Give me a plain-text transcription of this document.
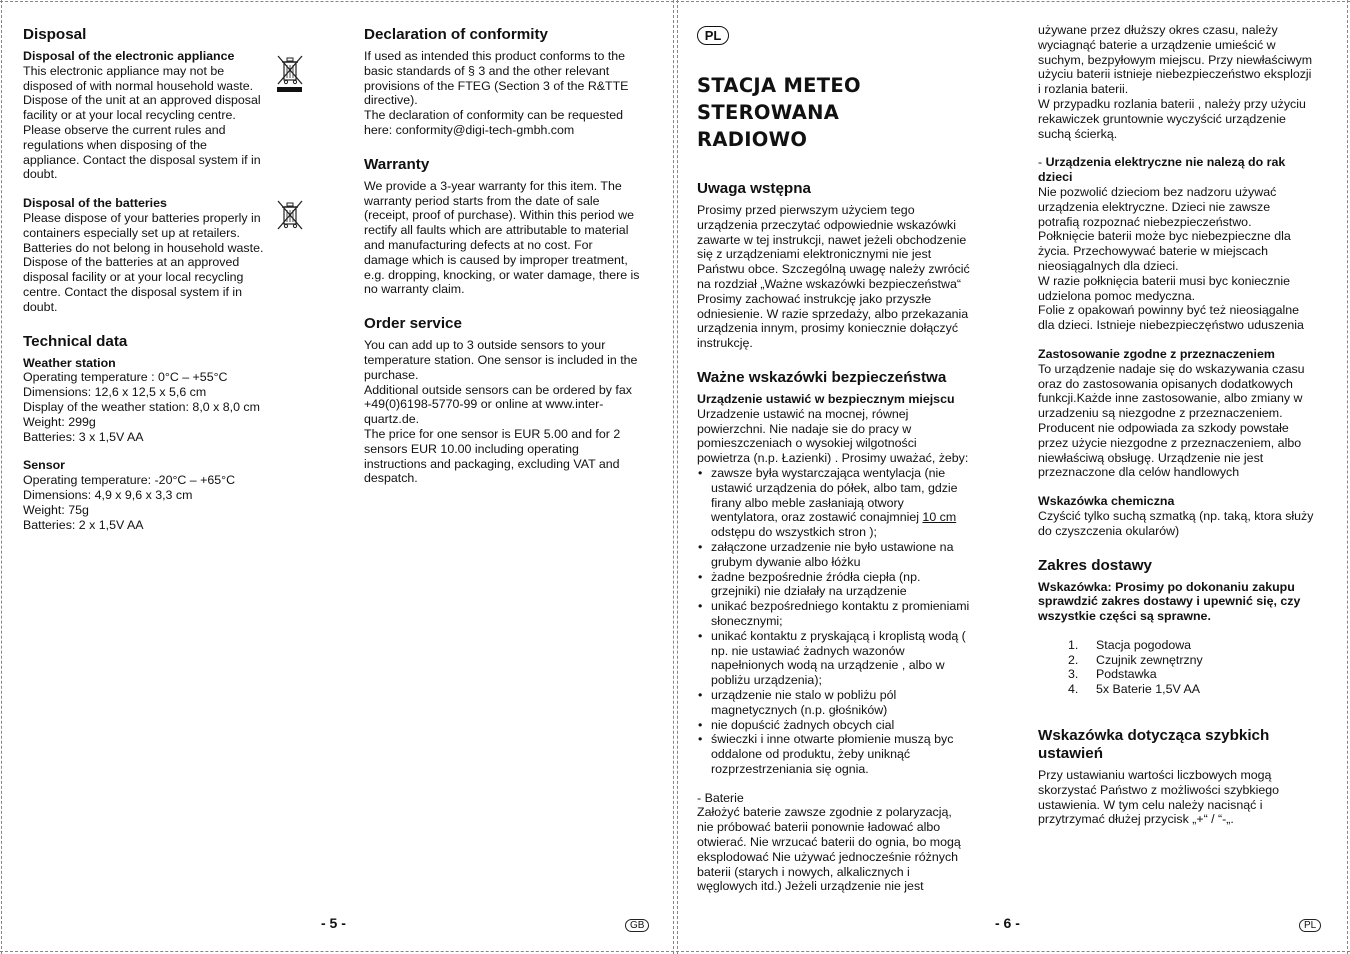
Disposal
Disposal of the electronic appliance

This electronic appliance may not be

disposed of with normal household waste.

Dispose of the unit at an approved disposal

facility or at your local recycling centre.

Please observe the current rules and

regulations when disposing of the

appliance. Contact the disposal system if in

doubt.

Disposal of the batteries

Please dispose of your batteries properly in

containers especially set up at retailers.

Batteries do not belong in household waste.

Dispose of the batteries at an approved

disposal facility or at your local recycling

centre. Contact the disposal system if in

doubt.

Technical data
Weather station

Operating temperature : 0°C – +55°C

Dimensions: 12,6 x 12,5 x 5,6 cm

Display of the weather station: 8,0 x 8,0 cm

Weight: 299g

Batteries: 3 x 1,5V AA

Sensor

Operating temperature: -20°C – +65°C

Dimensions: 4,9 x 9,6 x 3,3 cm

Weight: 75g

Batteries: 2 x 1,5V AA

Declaration of conformity

If used as intended this product conforms to the

basic standards of § 3 and the other relevant

provisions of the FTEG (Section 3 of the R&TTE

directive).

The declaration of conformity can be requested

here: conformity@digi-tech-gmbh.com

Warranty

We provide a 3-year warranty for this item. The

warranty period starts from the date of sale

(receipt, proof of purchase). Within this period we

rectify all faults which are attributable to material

and manufacturing defects at no cost. For

damage which is caused by improper treatment,

e.g. dropping, knocking, or water damage, there is

no warranty claim.

Order service

You can add up to 3 outside sensors to your

temperature station. One sensor is included in the

purchase.

Additional outside sensors can be ordered by fax

+49(0)6198-5770-99 or online at www.inter-

quartz.de.

The price for one sensor is EUR 5.00 and for 2

sensors EUR 10.00 including operating

instructions and packaging, excluding VAT and

despatch.

- 5 -	GB
PL

STACJA METEO

STEROWANA

RADIOWO

Uwaga wstępna

Prosimy przed pierwszym użyciem tego

urządzenia przeczytać odpowiednie wskazówki

zawarte w tej instrukcji, nawet jeżeli obchodzenie

się z urządzeniami elektronicznymi nie jest

Państwu obce. Szczególną uwagę należy zwrócić

na rozdział „Ważne wskazówki bezpieczeństwa“

Prosimy zachować instrukcję jako przyszłe

odniesienie. W razie sprzedaży, albo przekazania

urządzenia innym, prosimy koniecznie dołączyć

instrukcję.

Ważne wskazówki bezpieczeństwa
Urządzenie ustawić w bezpiecznym miejscu

Urzadzenie ustawić na mocnej, równej

powierzchni. Nie nadaje sie do pracy w

pomieszczeniach o wysokiej wilgotności

powietrza (n.p. Łazienki) . Prosimy uważać, żeby:

• zawsze była wystarczająca wentylacja (nie

ustawić urządzenia do półek, albo tam, gdzie

firany albo meble zasłaniają otwory

wentylatora, oraz zostawić conajmniej 10 cm

odstępu do wszystkich stron );

• załączone urzadzenie nie było ustawione na

grubym dywanie albo łóżku

• żadne bezpośrednie źródła ciepła (np.

grzejniki) nie działały na urządzenie

• unikać bezpośredniego kontaktu z promieniami

słonecznymi;

• unikać kontaktu z pryskającą i kroplistą wodą (

np. nie ustawiać żadnych wazonów

napełnionych wodą na urządzenie , albo w

pobliżu urządzenia);

• urządzenie nie stalo w pobliżu pól

magnetycznych (n.p. głośników)

• nie dopuścić żadnych obcych cial

• świeczki i inne otwarte płomienie muszą byc

oddalone od produktu, żeby uniknąć

rozprzestrzeniania się ognia.

- Baterie

Założyć baterie zawsze zgodnie z polaryzacją,

nie próbować baterii ponownie ładować albo

otwierać. Nie wrzucać baterii do ognia, bo mogą

eksplodować Nie używać jednocześnie różnych

baterii (starych i nowych, alkalicznych i

węglowych itd.) Jeżeli urządzenie nie jest

używane przez dłuższy okres czasu, należy

wyciagnąć baterie a urządzenie umieścić w

suchym, bezpyłowym miejscu. Przy niewłaściwym

użyciu baterii istnieje niebezpieczeństwo eksplozji

i rozlania baterii.

W przypadku rozlania baterii , należy przy użyciu

rekawiczek gruntownie wyczyścić urządzenie

suchą ścierką.

- Urządzenia elektryczne nie nalezą do rak
dzieci

Nie pozwolić dzieciom bez nadzoru używać

urządzenia elektryczne. Dzieci nie zawsze

potrafią rozpoznać niebezpieczeństwo.

Połknięcie baterii może byc niebezpieczne dla

życia. Przechowywać baterie w miejscach

nieosiągalnych dla dzieci.

W razie połknięcia baterii musi byc koniecznie

udzielona pomoc medyczna.

Folie z opakowań powinny być też nieosiągalne

dla dzieci. Istnieje niebezpieczęństwo uduszenia

Zastosowanie zgodne z przeznaczeniem

To urządzenie nadaje się do wskazywania czasu

oraz do zastosowania opisanych dodatkowych

funkcji.Każde inne zastosowanie, albo zmiany w

urzadzeniu są niezgodne z przeznaczeniem.

Producent nie odpowiada za szkody powstałe

przez użycie niezgodne z przeznaczeniem, albo

niewłaściwą obsługę. Urządzenie nie jest

przeznaczone dla celów handlowych

Wskazówka chemiczna

Czyścić tylko suchą szmatką (np. taką, ktora służy

do czyszczenia okularów)

Zakres dostawy

Wskazówka: Prosimy po dokonaniu zakupu

sprawdzić zakres dostawy i upewnić się, czy

wszystkie części są sprawne.

1. Stacja pogodowa
2. Czujnik zewnętrzny
3. Podstawka
4. 5x Baterie 1,5V AA
Wskazówka dotycząca szybkich
ustawień

Przy ustawianiu wartości liczbowych mogą

skorzystać Państwo z możliwości szybkiego

ustawienia. W tym celu należy nacisnąć i

przytrzymać dłużej przycisk „+“ / “-„.

- 6 -	PL
